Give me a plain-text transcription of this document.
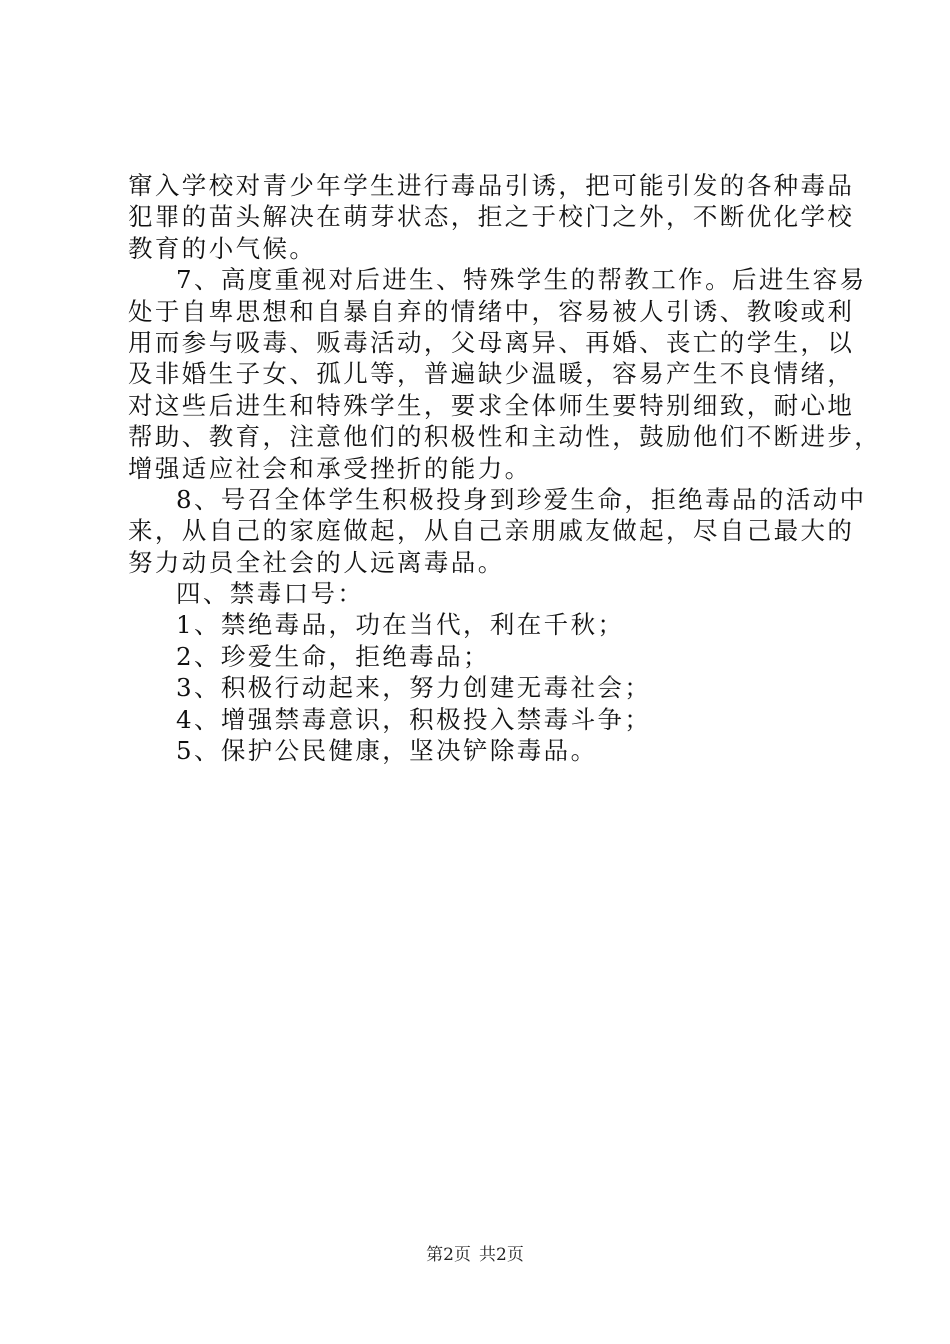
窜入学校对青少年学生进行毒品引诱，把可能引发的各种毒品
犯罪的苗头解决在萌芽状态，拒之于校门之外，不断优化学校
教育的小气候。
7、高度重视对后进生、特殊学生的帮教工作。后进生容易
处于自卑思想和自暴自弃的情绪中，容易被人引诱、教唆或利
用而参与吸毒、贩毒活动，父母离异、再婚、丧亡的学生，以
及非婚生子女、孤儿等，普遍缺少温暖，容易产生不良情绪，
对这些后进生和特殊学生，要求全体师生要特别细致，耐心地
帮助、教育，注意他们的积极性和主动性，鼓励他们不断进步，
增强适应社会和承受挫折的能力。
8、号召全体学生积极投身到珍爱生命，拒绝毒品的活动中
来，从自己的家庭做起，从自己亲朋戚友做起，尽自己最大的
努力动员全社会的人远离毒品。
四、禁毒口号：
1、禁绝毒品，功在当代，利在千秋；
2、珍爱生命，拒绝毒品；
3、积极行动起来，努力创建无毒社会；
4、增强禁毒意识，积极投入禁毒斗争；
5、保护公民健康，坚决铲除毒品。
第2页 共2页
